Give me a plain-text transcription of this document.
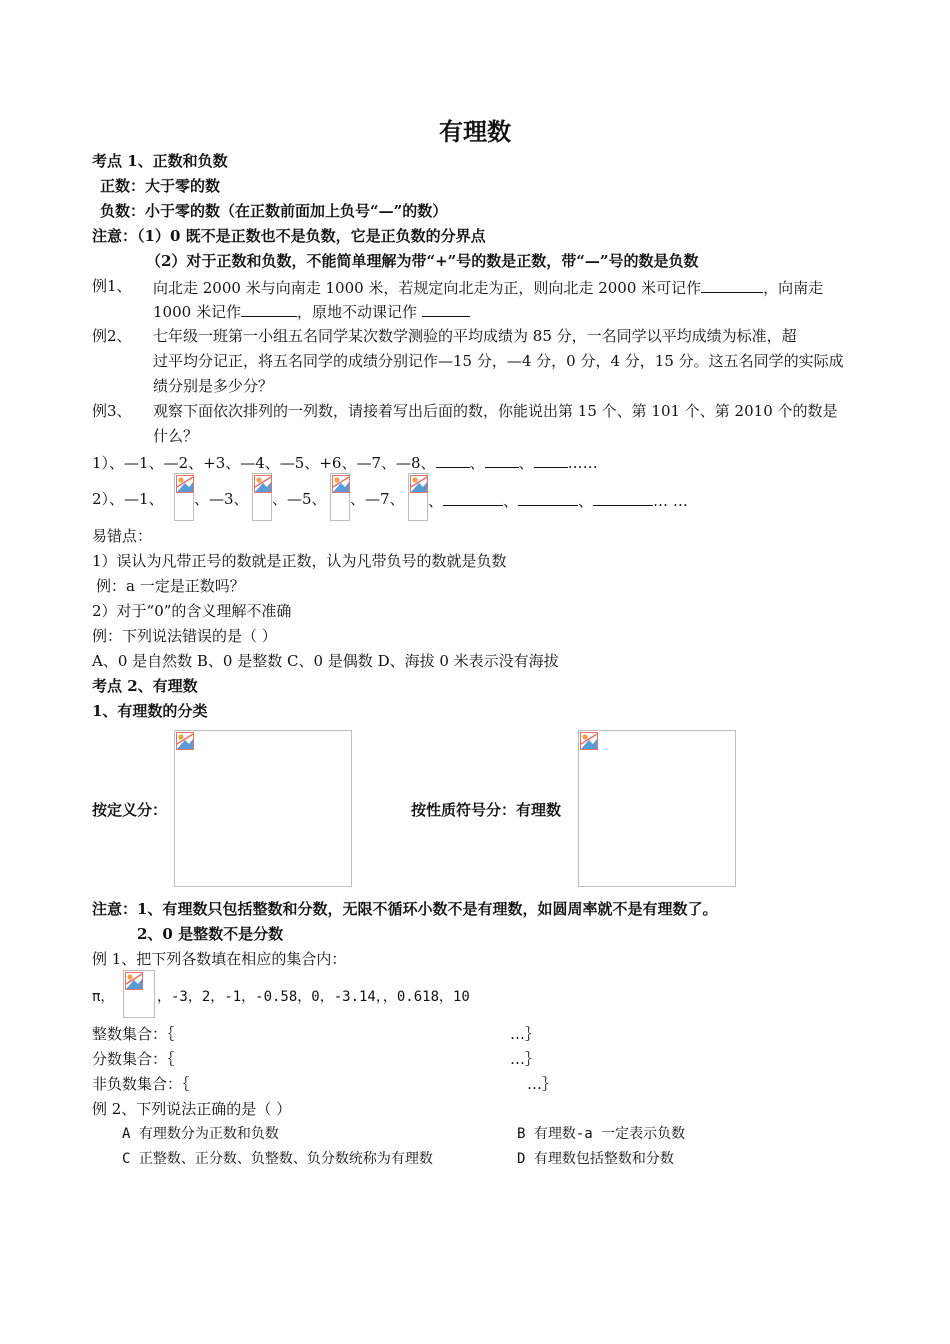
有理数
考点 1、正数和负数
正数：大于零的数
负数：小于零的数（在正数前面加上负号“—”的数）
注意：（1）0 既不是正数也不是负数，它是正负数的分界点
（2）对于正数和负数，不能简单理解为带“+”号的数是正数，带“—”号的数是负数
例1、 向北走 2000 米与向南走 1000 米，若规定向北走为正，则向北走 2000 米可记作	，向南走
1000 米记作	，原地不动课记作
例2、 七年级一班第一小组五名同学某次数学测验的平均成绩为 85 分，一名同学以平均成绩为标准，超
过平均分记正，将五名同学的成绩分别记作—15 分，—4 分，0 分，4 分，15 分。这五名同学的实际成
绩分别是多少分？
例3、 观察下面依次排列的一列数，请接着写出后面的数，你能说出第 15 个、第 101 个、第 2010 个的数是
什么？
1）、—1、—2、+3、—4、—5、+6、—7、—8、 、 、 ……
2）、—1、 、—3、 、—5、 、—7、 、	、	、	… …
易错点：
1）误认为凡带正号的数就是正数，认为凡带负号的数就是负数
例：a 一定是正数吗？
2）对于“0”的含义理解不准确
例：下列说法错误的是（ ）
A、0 是自然数 B、0 是整数 C、0 是偶数 D、海拔 0 米表示没有海拔
考点 2、有理数
1、有理数的分类
按定义分：	按性质符号分：有理数
注意：1、有理数只包括整数和分数，无限不循环小数不是有理数，如圆周率就不是有理数了。
2、0 是整数不是分数
例 1、把下列各数填在相应的集合内：
π，	，-3，2，-1，-0.58，0，-3.14，，0.618，10
整数集合：｛	…｝
分数集合：｛	…｝
非负数集合：｛	…｝
例 2、下列说法正确的是（ ）
A 有理数分为正数和负数	B 有理数-a 一定表示负数
C 正整数、正分数、负整数、负分数统称为有理数	D 有理数包括整数和分数
